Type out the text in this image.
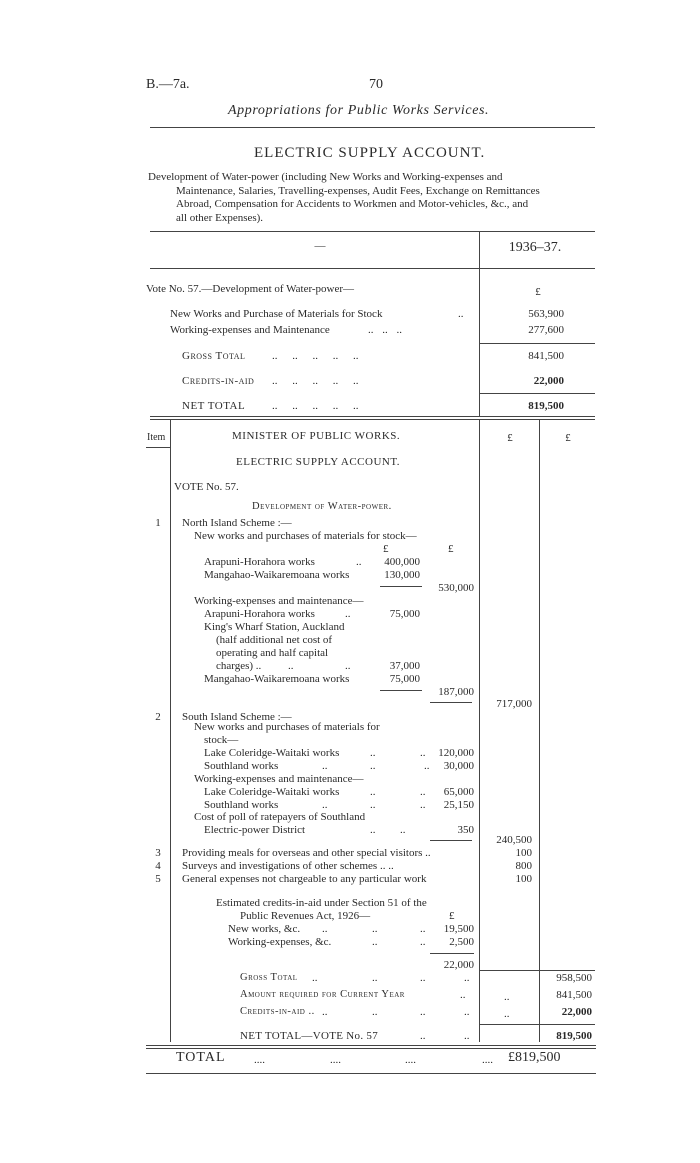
B.—7a.	70
Appropriations for Public Works Services.
ELECTRIC SUPPLY ACCOUNT.
Development of Water-power (including New Works and Working-expenses and
Maintenance, Salaries, Travelling-expenses, Audit Fees, Exchange on Remittances
Abroad, Compensation for Accidents to Workmen and Motor-vehicles, &c., and
all other Expenses).
—	1936–37.
Vote No. 57.—Development of Water-power—	£
New Works and Purchase of Materials for Stock	..	563,900
Working-expenses and Maintenance	.. .. ..	277,600
Gross Total .. .. .. .. ..	841,500
Credits-in-aid .. .. .. .. ..	22,000
NET TOTAL .. .. .. .. ..	819,500
Item	MINISTER OF PUBLIC WORKS.	£	£
ELECTRIC SUPPLY ACCOUNT.
VOTE No. 57.
Development of Water-power.
1	North Island Scheme :—
New works and purchases of materials for stock—
£	£
Arapuni-Horahora works	..	400,000
Mangahao-Waikaremoana works	130,000
530,000
Working-expenses and maintenance—
Arapuni-Horahora works	..	75,000
King's Wharf Station, Auckland
(half additional net cost of
operating and half capital
charges) ..	..	..	37,000
Mangahao-Waikaremoana works	75,000
187,000
717,000
2	South Island Scheme :—
New works and purchases of materials for
stock—
Lake Coleridge-Waitaki works	..	..	120,000
Southland works	..	..	..	30,000
Working-expenses and maintenance—
Lake Coleridge-Waitaki works	..	..	65,000
Southland works	..	..	..	25,150
Cost of poll of ratepayers of Southland
Electric-power District	.. ..	350
240,500
3	Providing meals for overseas and other special visitors ..	100
4	Surveys and investigations of other schemes .. ..	800
5	General expenses not chargeable to any particular work	100
Estimated credits-in-aid under Section 51 of the
Public Revenues Act, 1926—	£
New works, &c. ..	..	..	19,500
Working-expenses, &c.	..	..	2,500
22,000
Gross Total ..	..	..	..	958,500
Amount required for Current Year	..	..	841,500
Credits-in-aid .. ..	..	..	..	..	22,000
NET TOTAL—VOTE No. 57	..	..	819,500
TOTAL	....	....	....	.... £819,500
